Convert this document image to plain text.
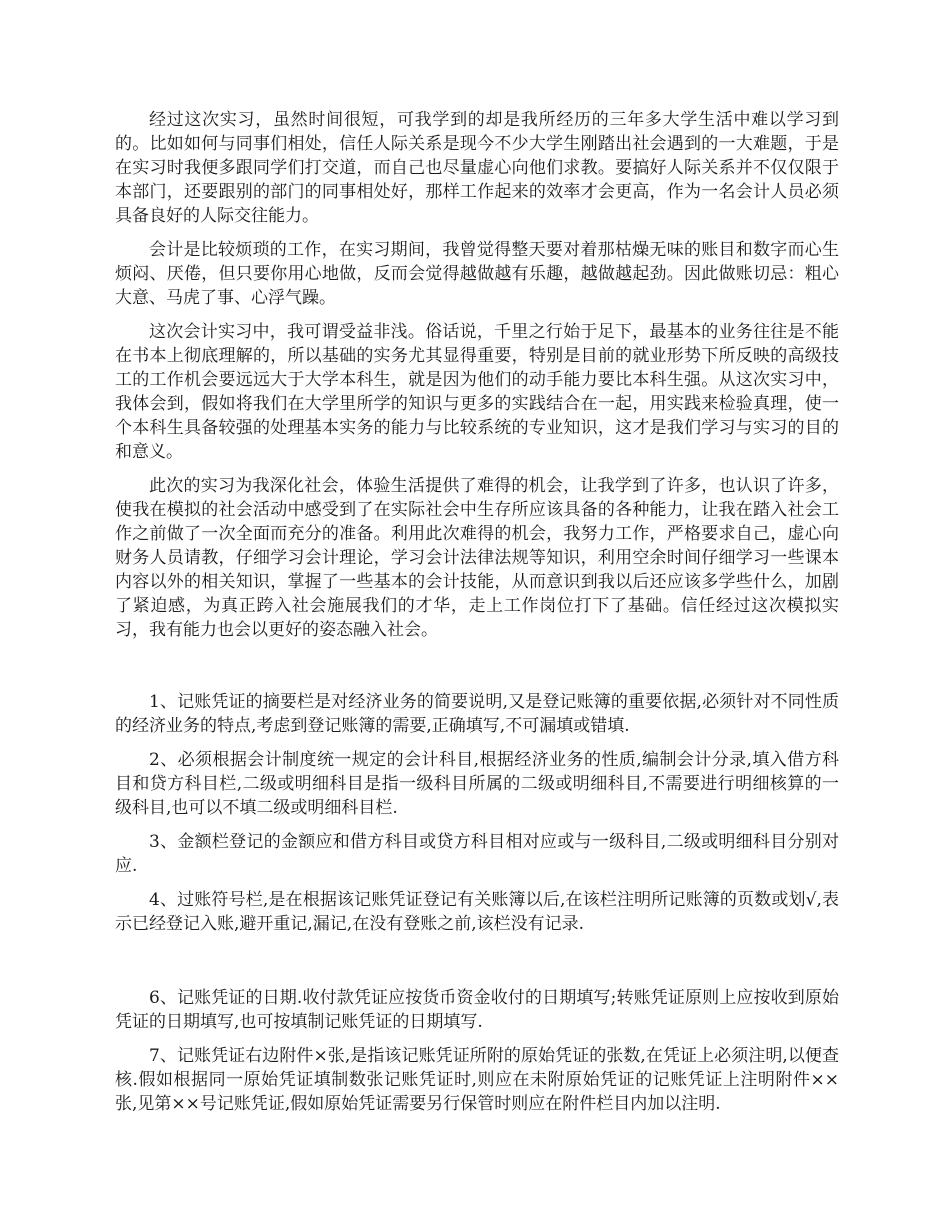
经过这次实习，虽然时间很短，可我学到的却是我所经历的三年多大学生活中难以学习到的。比如如何与同事们相处，信任人际关系是现今不少大学生刚踏出社会遇到的一大难题，于是在实习时我便多跟同学们打交道，而自己也尽量虚心向他们求教。要搞好人际关系并不仅仅限于本部门，还要跟别的部门的同事相处好，那样工作起来的效率才会更高，作为一名会计人员必须具备良好的人际交往能力。

会计是比较烦琐的工作，在实习期间，我曾觉得整天要对着那枯燥无味的账目和数字而心生烦闷、厌倦，但只要你用心地做，反而会觉得越做越有乐趣，越做越起劲。因此做账切忌：粗心大意、马虎了事、心浮气躁。

这次会计实习中，我可谓受益非浅。俗话说，千里之行始于足下，最基本的业务往往是不能在书本上彻底理解的，所以基础的实务尤其显得重要，特别是目前的就业形势下所反映的高级技工的工作机会要远远大于大学本科生，就是因为他们的动手能力要比本科生强。从这次实习中，我体会到，假如将我们在大学里所学的知识与更多的实践结合在一起，用实践来检验真理，使一个本科生具备较强的处理基本实务的能力与比较系统的专业知识，这才是我们学习与实习的目的和意义。

此次的实习为我深化社会，体验生活提供了难得的机会，让我学到了许多，也认识了许多，使我在模拟的社会活动中感受到了在实际社会中生存所应该具备的各种能力，让我在踏入社会工作之前做了一次全面而充分的准备。利用此次难得的机会，我努力工作，严格要求自己，虚心向财务人员请教，仔细学习会计理论，学习会计法律法规等知识，利用空余时间仔细学习一些课本内容以外的相关知识，掌握了一些基本的会计技能，从而意识到我以后还应该多学些什么，加剧了紧迫感，为真正跨入社会施展我们的才华，走上工作岗位打下了基础。信任经过这次模拟实习，我有能力也会以更好的姿态融入社会。

1、记账凭证的摘要栏是对经济业务的简要说明,又是登记账簿的重要依据,必须针对不同性质的经济业务的特点,考虑到登记账簿的需要,正确填写,不可漏填或错填.

2、必须根据会计制度统一规定的会计科目,根据经济业务的性质,编制会计分录,填入借方科目和贷方科目栏,二级或明细科目是指一级科目所属的二级或明细科目,不需要进行明细核算的一级科目,也可以不填二级或明细科目栏.

3、金额栏登记的金额应和借方科目或贷方科目相对应或与一级科目,二级或明细科目分别对应.

4、过账符号栏,是在根据该记账凭证登记有关账簿以后,在该栏注明所记账簿的页数或划√,表示已经登记入账,避开重记,漏记,在没有登账之前,该栏没有记录.

6、记账凭证的日期.收付款凭证应按货币资金收付的日期填写;转账凭证原则上应按收到原始凭证的日期填写,也可按填制记账凭证的日期填写.

7、记账凭证右边附件×张,是指该记账凭证所附的原始凭证的张数,在凭证上必须注明,以便查核.假如根据同一原始凭证填制数张记账凭证时,则应在未附原始凭证的记账凭证上注明附件××张,见第××号记账凭证,假如原始凭证需要另行保管时则应在附件栏目内加以注明.
